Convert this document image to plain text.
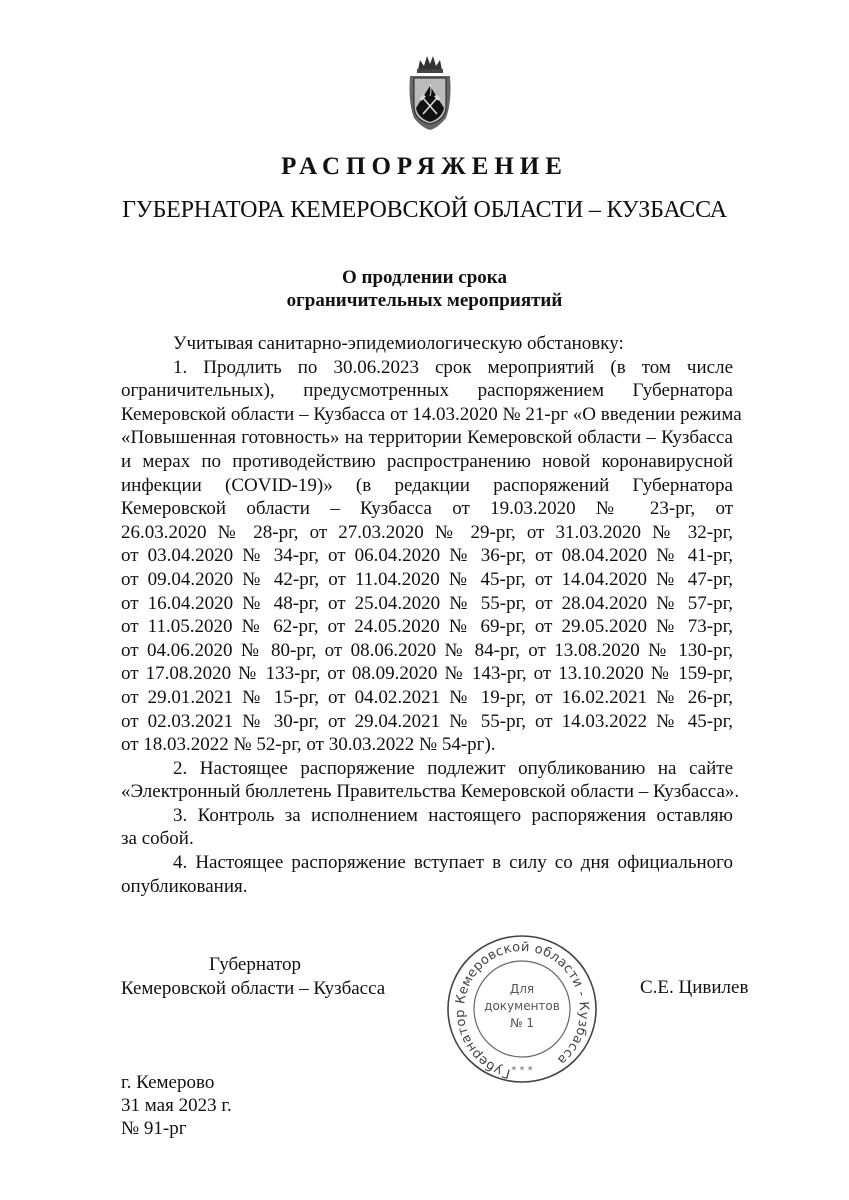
РАСПОРЯЖЕНИЕ
ГУБЕРНАТОРА КЕМЕРОВСКОЙ ОБЛАСТИ – КУЗБАССА
О продлении срока
ограничительных мероприятий

Учитывая санитарно-эпидемиологическую обстановку:

1. Продлить по 30.06.2023 срок мероприятий (в том числе
ограничительных), предусмотренных распоряжением Губернатора
Кемеровской области – Кузбасса от 14.03.2020 № 21-рг «О введении режима
«Повышенная готовность» на территории Кемеровской области – Кузбасса
и мерах по противодействию распространению новой коронавирусной
инфекции (COVID-19)» (в редакции распоряжений Губернатора
Кемеровской области – Кузбасса от 19.03.2020 № 23-рг, от
26.03.2020 № 28-рг, от 27.03.2020 № 29-рг, от 31.03.2020 № 32-рг,
от 03.04.2020 № 34-рг, от 06.04.2020 № 36-рг, от 08.04.2020 № 41-рг,
от 09.04.2020 № 42-рг, от 11.04.2020 № 45-рг, от 14.04.2020 № 47-рг,
от 16.04.2020 № 48-рг, от 25.04.2020 № 55-рг, от 28.04.2020 № 57-рг,
от 11.05.2020 № 62-рг, от 24.05.2020 № 69-рг, от 29.05.2020 № 73-рг,
от 04.06.2020 № 80-рг, от 08.06.2020 № 84-рг, от 13.08.2020 № 130-рг,
от 17.08.2020 № 133-рг, от 08.09.2020 № 143-рг, от 13.10.2020 № 159-рг,
от 29.01.2021 № 15-рг, от 04.02.2021 № 19-рг, от 16.02.2021 № 26-рг,
от 02.03.2021 № 30-рг, от 29.04.2021 № 55-рг, от 14.03.2022 № 45-рг,
от 18.03.2022 № 52-рг, от 30.03.2022 № 54-рг).
2. Настоящее распоряжение подлежит опубликованию на сайте
«Электронный бюллетень Правительства Кемеровской области – Кузбасса».
3. Контроль за исполнением настоящего распоряжения оставляю
за собой.
4. Настоящее распоряжение вступает в силу со дня официального
опубликования.
Губернатор
Кемеровской области – Кузбасса
Губернатор Кемеровской области - Кузбасса
Для
документов
№ 1
* * *
С.Е. Цивилев
г. Кемерово
31 мая 2023 г.
№ 91-рг
